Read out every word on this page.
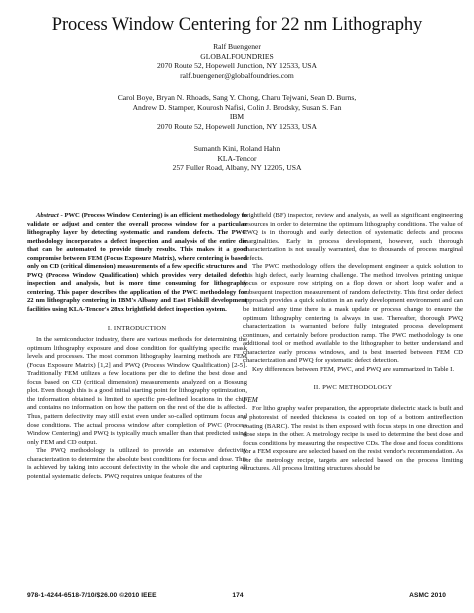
Process Window Centering for 22 nm Lithography
Ralf Buengener
GLOBALFOUNDRIES
2070 Route 52, Hopewell Junction, NY 12533, USA
ralf.buengener@globalfoundries.com
Carol Boye, Bryan N. Rhoads, Sang Y. Chong, Charu Tejwani, Sean D. Burns,
Andrew D. Stamper, Kourosh Nafisi, Colin J. Brodsky, Susan S. Fan
IBM
2070 Route 52, Hopewell Junction, NY 12533, USA
Sumanth Kini, Roland Hahn
KLA-Tencor
257 Fuller Road, Albany, NY 12205, USA

Abstract - PWC (Process Window Centering) is an efficient methodology to validate or adjust and center the overall process window for a particular lithography layer by detecting systematic and random defects. The PWC methodology incorporates a defect inspection and analysis of the entire die that can be automated to provide timely results. This makes it a good compromise between FEM (Focus Exposure Matrix), where centering is based only on CD (critical dimension) measurements of a few specific structures and PWQ (Process Window Qualification) which provides very detailed defect inspection and analysis, but is more time consuming for lithography centering. This paper describes the application of the PWC methodology for 22 nm lithography centering in IBM's Albany and East Fishkill development facilities using KLA-Tencor's 28xx brightfield defect inspection system.

I. INTRODUCTION

In the semiconductor industry, there are various methods for determining the optimum lithography exposure and dose condition for qualifying specific mask levels and processes. The most common lithography learning methods are FEM (Focus Exposure Matrix) [1,2] and PWQ (Process Window Qualification) [2-5]. Traditionally FEM utilizes a few locations per die to define the best dose and focus based on CD (critical dimension) measurements analyzed on a Bossung plot. Even though this is a good initial starting point for lithography optimization, the information obtained is limited to specific pre-defined locations in the chip and contains no information on how the pattern on the rest of the die is affected. Thus, pattern defectivity may still exist even under so-called optimum focus and dose conditions. The actual process window after completion of PWC (Process Window Centering) and PWQ is typically much smaller than that predicted using only FEM and CD output.

The PWQ methodology is utilized to provide an extensive defectivity characterization to determine the absolute best conditions for focus and dose. This is achieved by taking into account defectivity in the whole die and capturing all potential systematic defects. PWQ requires unique features of the

brightfield (BF) inspector, review and analysis, as well as significant engineering resources in order to determine the optimum lithography conditions. The value of PWQ is in thorough and early detection of systematic defects and process marginalities. Early in process development, however, such thorough characterization is not usually warranted, due to thousands of process marginal defects.

The PWC methodology offers the development engineer a quick solution to this high defect, early learning challenge. The method involves printing unique focus or exposure row striping on a flop down or short loop wafer and a subsequent inspection measurement of random defectivity. This first order defect approach provides a quick solution in an early development environment and can be initiated any time there is a mask update or process change to ensure the optimum lithography centering is always in use. Thereafter, thorough PWQ characterization is warranted before fully integrated process development continues, and certainly before production ramp. The PWC methodology is one additional tool or method available to the lithographer to better understand and characterize early process windows, and is best inserted between FEM CD characterization and PWQ for systematic defect detection.

Key differences between FEM, PWC, and PWQ are summarized in Table I.

II. PWC METHODOLOGY
FEM

For litho graphy wafer preparation, the appropriate dielectric stack is built and a photoresist of needed thickness is coated on top of a bottom antireflection coating (BARC). The resist is then exposed with focus steps in one direction and dose steps in the other. A metrology recipe is used to determine the best dose and focus conditions by measuring the respective CDs. The dose and focus conditions for a FEM exposure are selected based on the resist vendor's recommendation. As for the metrology recipe, targets are selected based on the process limiting structures. All process limiting structures should be

978-1-4244-6518-7/10/$26.00 ©2010 IEEE	174	ASMC 2010
